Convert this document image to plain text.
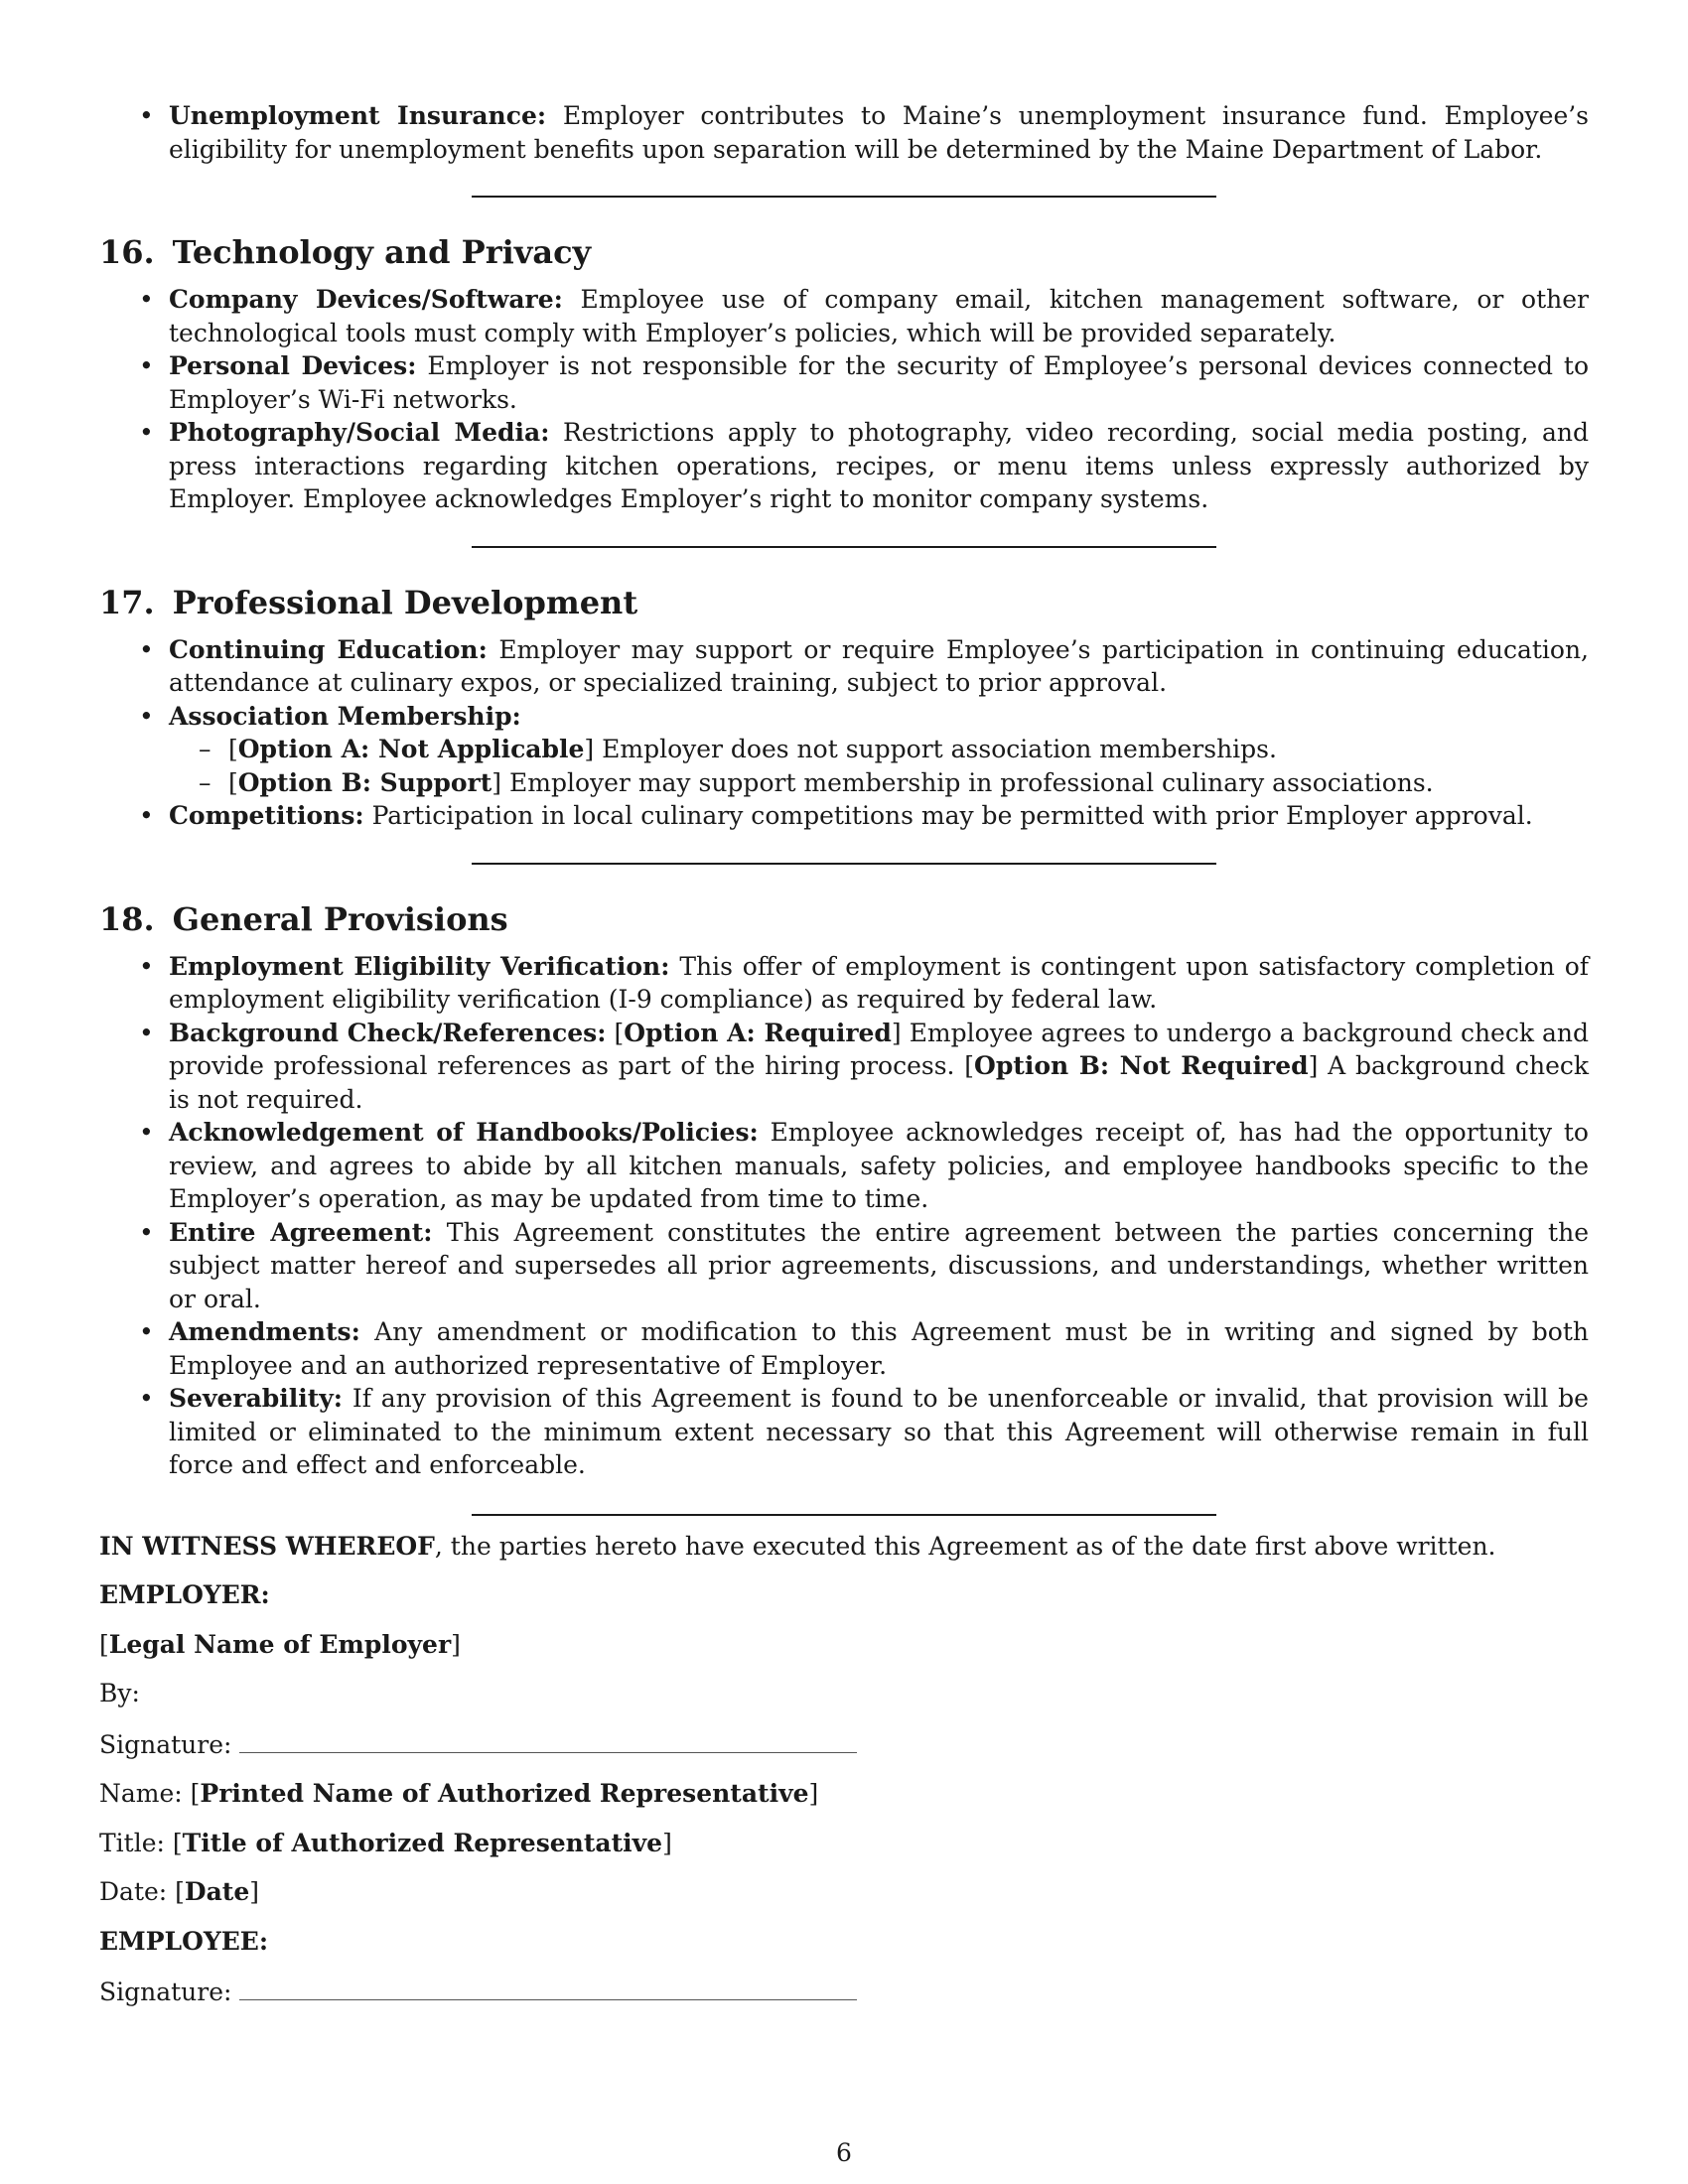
• Unemployment Insurance: Employer contributes to Maine’s unemployment insurance fund. Employee’s eligibility for unemployment benefits upon separation will be determined by the Maine Department of Labor.
16. Technology and Privacy
• Company Devices/Software: Employee use of company email, kitchen management software, or other technological tools must comply with Employer’s policies, which will be provided separately.
• Personal Devices: Employer is not responsible for the security of Employee’s personal devices connected to Employer’s Wi-Fi networks.
• Photography/Social Media: Restrictions apply to photography, video recording, social media posting, and press interactions regarding kitchen operations, recipes, or menu items unless expressly authorized by Employer. Employee acknowledges Employer’s right to monitor company systems.
17. Professional Development
• Continuing Education: Employer may support or require Employee’s participation in continuing education, attendance at culinary expos, or specialized training, subject to prior approval.
• Association Membership:
– [Option A: Not Applicable] Employer does not support association memberships.
– [Option B: Support] Employer may support membership in professional culinary associations.
• Competitions: Participation in local culinary competitions may be permitted with prior Employer approval.
18. General Provisions
• Employment Eligibility Verification: This offer of employment is contingent upon satisfactory completion of employment eligibility verification (I-9 compliance) as required by federal law.
• Background Check/References: [Option A: Required] Employee agrees to undergo a background check and provide professional references as part of the hiring process. [Option B: Not Required] A background check is not required.
• Acknowledgement of Handbooks/Policies: Employee acknowledges receipt of, has had the opportunity to review, and agrees to abide by all kitchen manuals, safety policies, and employee handbooks specific to the Employer’s operation, as may be updated from time to time.
• Entire Agreement: This Agreement constitutes the entire agreement between the parties concerning the subject matter hereof and supersedes all prior agreements, discussions, and understandings, whether written or oral.
• Amendments: Any amendment or modification to this Agreement must be in writing and signed by both Employee and an authorized representative of Employer.
• Severability: If any provision of this Agreement is found to be unenforceable or invalid, that provision will be limited or eliminated to the minimum extent necessary so that this Agreement will otherwise remain in full force and effect and enforceable.

IN WITNESS WHEREOF, the parties hereto have executed this Agreement as of the date first above written.

EMPLOYER:

[Legal Name of Employer]

By:

Signature:

Name: [Printed Name of Authorized Representative]

Title: [Title of Authorized Representative]

Date: [Date]

EMPLOYEE:

Signature:

6
